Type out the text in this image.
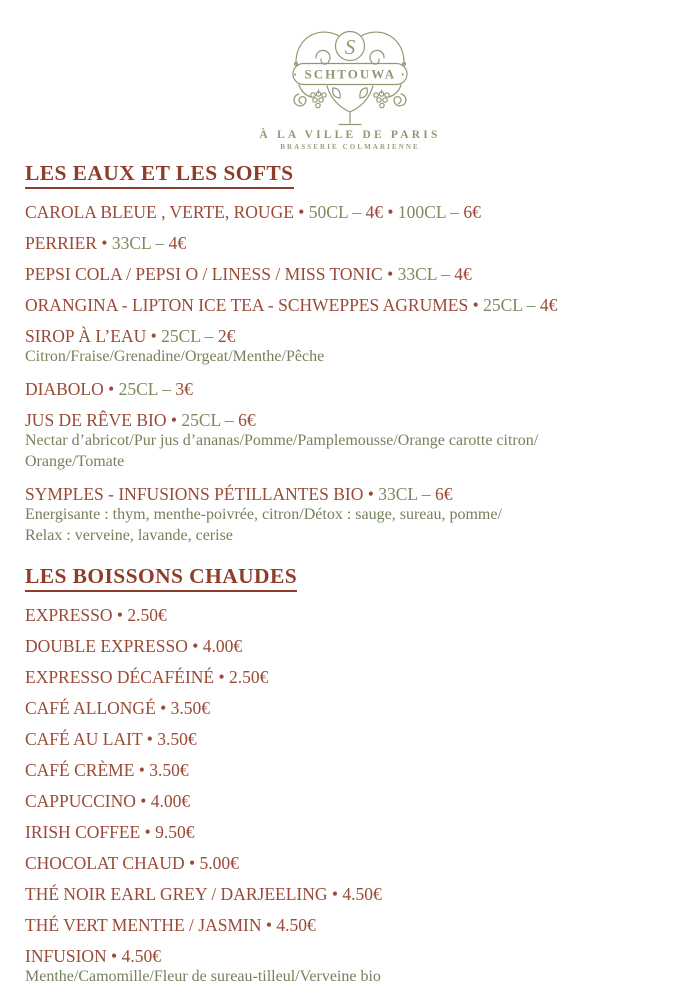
S
· SCHTOUWA ·
À LA VILLE DE PARIS
BRASSERIE COLMARIENNE
LES EAUX ET LES SOFTS
CAROLA BLEUE , VERTE, ROUGE • 50CL – 4€ • 100CL – 6€
PERRIER • 33CL – 4€
PEPSI COLA / PEPSI O / LINESS / MISS TONIC • 33CL – 4€
ORANGINA - LIPTON ICE TEA - SCHWEPPES AGRUMES • 25CL – 4€
SIROP À L’EAU • 25CL – 2€
Citron/Fraise/Grenadine/Orgeat/Menthe/Pêche
DIABOLO • 25CL – 3€
JUS DE RÊVE BIO • 25CL – 6€
Nectar d’abricot/Pur jus d’ananas/Pomme/Pamplemousse/Orange carotte citron/
Orange/Tomate
SYMPLES - INFUSIONS PÉTILLANTES BIO • 33CL – 6€
Energisante : thym, menthe-poivrée, citron/Détox : sauge, sureau, pomme/
Relax : verveine, lavande, cerise
LES BOISSONS CHAUDES
EXPRESSO • 2.50€
DOUBLE EXPRESSO • 4.00€
EXPRESSO DÉCAFÉINÉ • 2.50€
CAFÉ ALLONGÉ • 3.50€
CAFÉ AU LAIT • 3.50€
CAFÉ CRÈME • 3.50€
CAPPUCCINO • 4.00€
IRISH COFFEE • 9.50€
CHOCOLAT CHAUD • 5.00€
THÉ NOIR EARL GREY / DARJEELING • 4.50€
THÉ VERT MENTHE / JASMIN • 4.50€
INFUSION • 4.50€
Menthe/Camomille/Fleur de sureau-tilleul/Verveine bio
